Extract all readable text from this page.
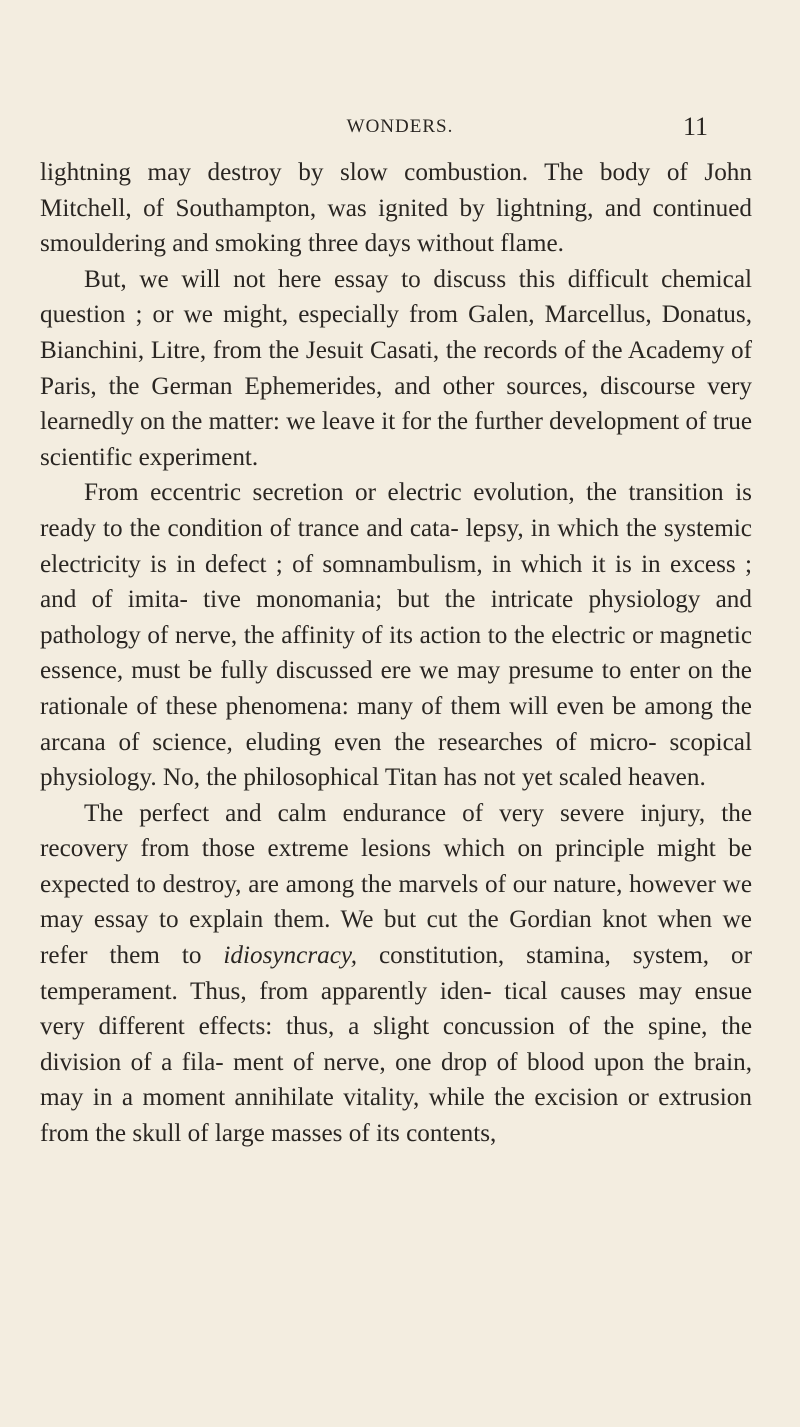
WONDERS.	11

lightning may destroy by slow combustion. The body of John Mitchell, of Southampton, was ignited by lightning, and continued smouldering and smoking three days without flame.

But, we will not here essay to discuss this difficult chemical question ; or we might, especially from Galen, Marcellus, Donatus, Bianchini, Litre, from the Jesuit Casati, the records of the Academy of Paris, the German Ephemerides, and other sources, discourse very learnedly on the matter: we leave it for the further development of true scientific experiment.

From eccentric secretion or electric evolution, the transition is ready to the condition of trance and cata- lepsy, in which the systemic electricity is in defect ; of somnambulism, in which it is in excess ; and of imita- tive monomania; but the intricate physiology and pathology of nerve, the affinity of its action to the electric or magnetic essence, must be fully discussed ere we may presume to enter on the rationale of these phenomena: many of them will even be among the arcana of science, eluding even the researches of micro- scopical physiology. No, the philosophical Titan has not yet scaled heaven.

The perfect and calm endurance of very severe injury, the recovery from those extreme lesions which on principle might be expected to destroy, are among the marvels of our nature, however we may essay to explain them. We but cut the Gordian knot when we refer them to idiosyncracy, constitution, stamina, system, or temperament. Thus, from apparently iden- tical causes may ensue very different effects: thus, a slight concussion of the spine, the division of a fila- ment of nerve, one drop of blood upon the brain, may in a moment annihilate vitality, while the excision or extrusion from the skull of large masses of its contents,
